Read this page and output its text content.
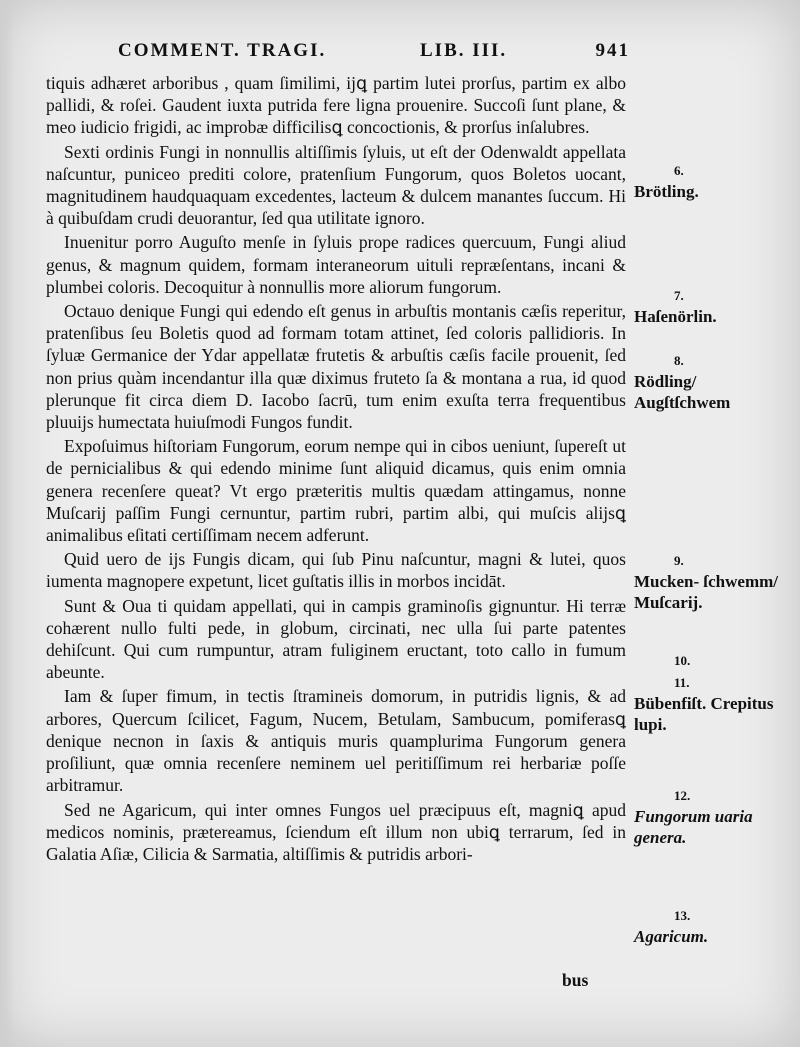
COMMENT. TRAGI.	LIB. III.	941

tiquis adhæret arboribus , quam ſimilimi, ijꝗ partim lutei prorſus, partim ex albo pallidi, & roſei. Gaudent iuxta putrida fere ligna prouenire. Succoſi ſunt plane, & meo iudicio frigidi, ac improbæ difficilisꝗ concoctionis, & prorſus inſalubres.

Sexti ordinis Fungi in nonnullis altiſſimis ſyluis, ut eſt der Odenwaldt appellata naſcuntur, puniceo prediti colore, pratenſium Fungorum, quos Boletos uocant, magnitudinem haudquaquam excedentes, lacteum & dulcem manantes ſuccum. Hi à quibuſdam crudi deuorantur, ſed qua utilitate ignoro.

Inuenitur porro Auguſto menſe in ſyluis prope radices quercuum, Fungi aliud genus, & magnum quidem, formam interaneorum uituli repræſentans, incani & plumbei coloris. Decoquitur à nonnullis more aliorum fungorum.

Octauo denique Fungi qui edendo eſt genus in arbuſtis montanis cæſis reperitur, pratenſibus ſeu Boletis quod ad formam totam attinet, ſed coloris pallidioris. In ſyluæ Germanice der Ydar appellatæ frutetis & arbuſtis cæſis facile prouenit, ſed non prius quàm incendantur illa quæ diximus fruteto ſa & montana a rua, id quod plerunque fit circa diem D. Iacobo ſacrū, tum enim exuſta terra frequentibus pluuijs humectata huiuſmodi Fungos fundit.

Expoſuimus hiſtoriam Fungorum, eorum nempe qui in cibos ueniunt, ſupereſt ut de pernicialibus & qui edendo minime ſunt aliquid dicamus, quis enim omnia genera recenſere queat? Vt ergo præteritis multis quædam attingamus, nonne Muſcarij paſſim Fungi cernuntur, partim rubri, partim albi, qui muſcis alijsꝗ animalibus eſitati certiſſimam necem adferunt.

Quid uero de ijs Fungis dicam, qui ſub Pinu naſcuntur, magni & lutei, quos iumenta magnopere expetunt, licet guſtatis illis in morbos incidāt.

Sunt & Oua ti quidam appellati, qui in campis graminoſis gignuntur. Hi terræ cohærent nullo fulti pede, in globum, circinati, nec ulla ſui parte patentes dehiſcunt. Qui cum rumpuntur, atram fuliginem eructant, toto callo in fumum abeunte.

Iam & ſuper fimum, in tectis ſtramineis domorum, in putridis lignis, & ad arbores, Quercum ſcilicet, Fagum, Nucem, Betulam, Sambucum, pomiferasꝗ denique necnon in ſaxis & antiquis muris quamplurima Fungorum genera proſiliunt, quæ omnia recenſere neminem uel peritiſſimum rei herbariæ poſſe arbitramur.

Sed ne Agaricum, qui inter omnes Fungos uel præcipuus eſt, magniꝗ apud medicos nominis, prætereamus, ſciendum eſt illum non ubiꝗ terrarum, ſed in Galatia Aſiæ, Cilicia & Sarmatia, altiſſimis & putridis arbori-

6.
Brötling.
7.
Haſenörlin.
8.
Rödling/ Augſtſchwem
9.
Mucken- ſchwemm/ Muſcarij.
10.
11.
Bübenfiſt. Crepitus lupi.
12.
Fungorum uaria genera.
13.
Agaricum.
bus
